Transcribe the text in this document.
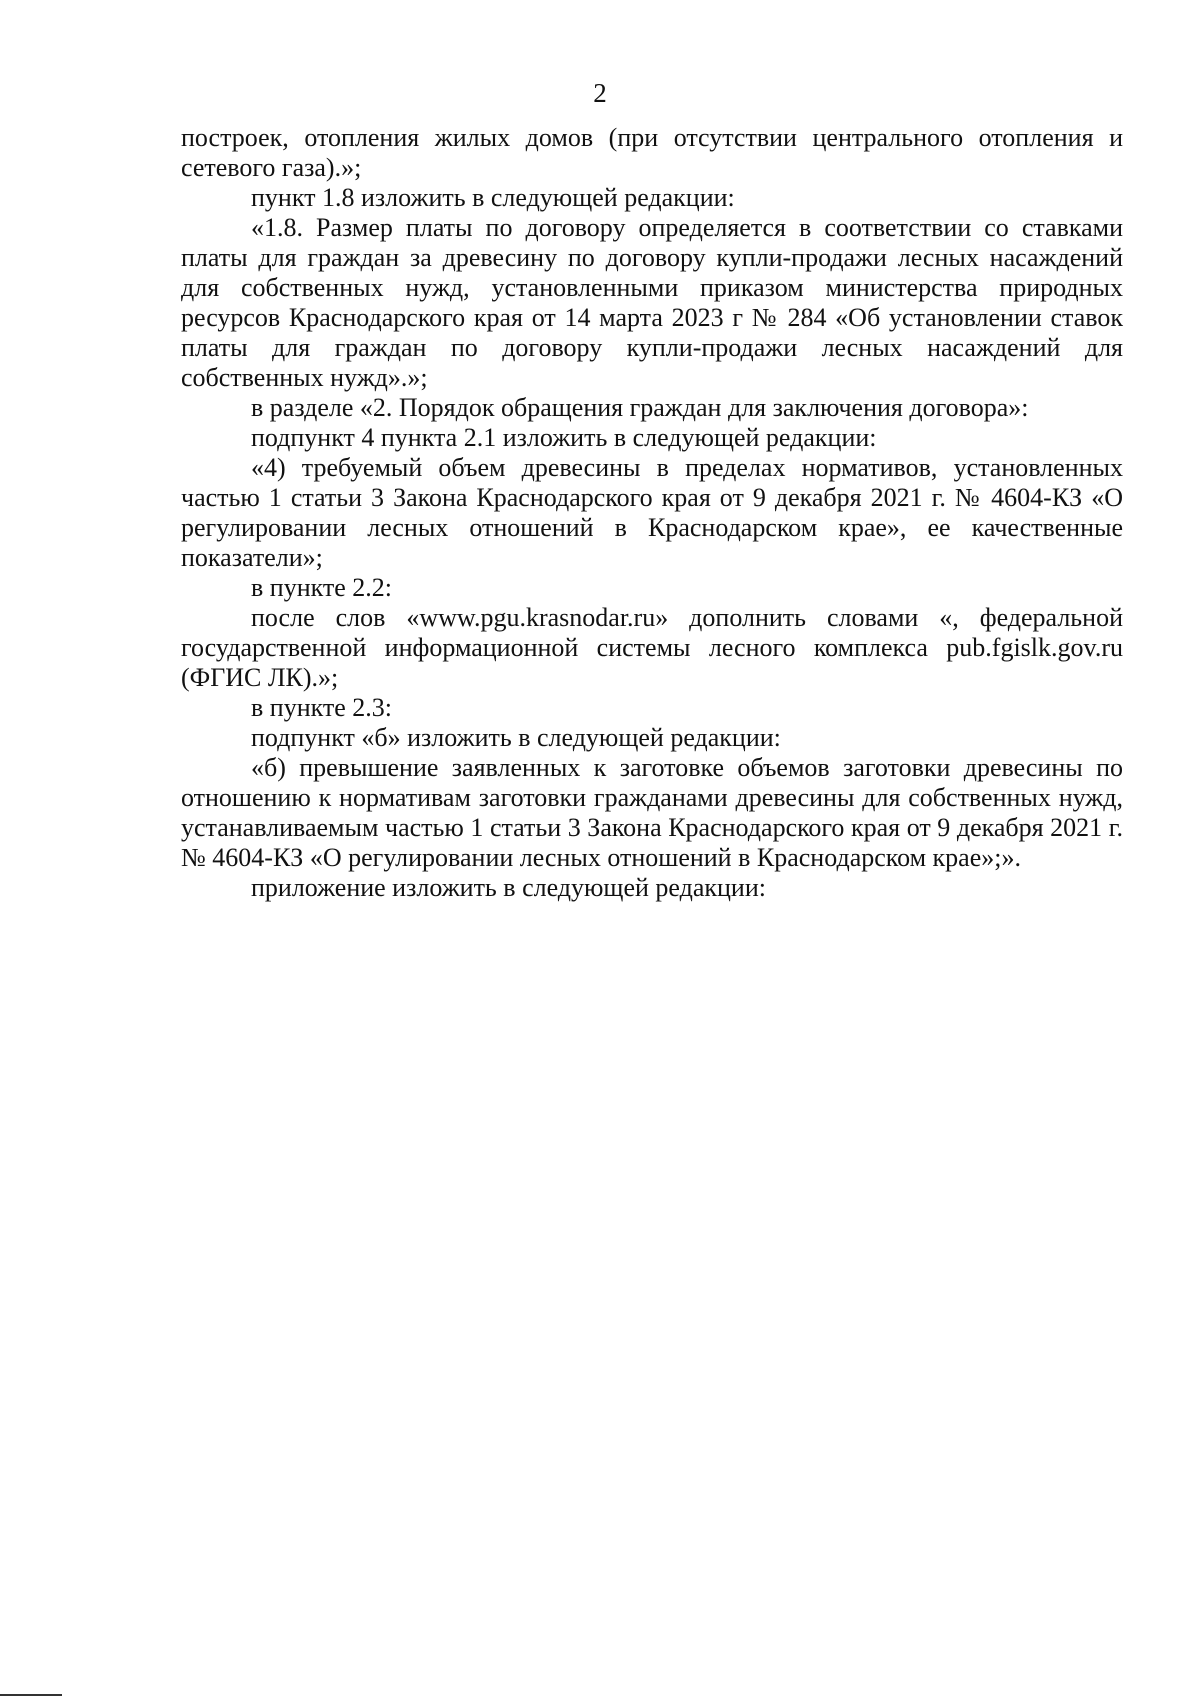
2

построек, отопления жилых домов (при отсутствии центрального отопления и сетевого газа).»;

пункт 1.8 изложить в следующей редакции:

«1.8. Размер платы по договору определяется в соответствии со ставками платы для граждан за древесину по договору купли-продажи лесных насаждений для собственных нужд, установленными приказом министерства природных ресурсов Краснодарского края от 14 марта 2023 г № 284 «Об установлении ставок платы для граждан по договору купли-продажи лесных насаждений для собственных нужд».»;

в разделе «2. Порядок обращения граждан для заключения договора»:

подпункт 4 пункта 2.1 изложить в следующей редакции:

«4) требуемый объем древесины в пределах нормативов, установленных частью 1 статьи 3 Закона Краснодарского края от 9 декабря 2021 г. № 4604-КЗ «О регулировании лесных отношений в Краснодарском крае», ее качественные показатели»;

в пункте 2.2:

после слов «www.pgu.krasnodar.ru» дополнить словами «, федеральной государственной информационной системы лесного комплекса pub.fgislk.gov.ru (ФГИС ЛК).»;

в пункте 2.3:

подпункт «б» изложить в следующей редакции:

«б) превышение заявленных к заготовке объемов заготовки древесины по отношению к нормативам заготовки гражданами древесины для собственных нужд, устанавливаемым частью 1 статьи 3 Закона Краснодарского края от 9 декабря 2021 г. № 4604-КЗ «О регулировании лесных отношений в Краснодарском крае»;».

приложение изложить в следующей редакции:
